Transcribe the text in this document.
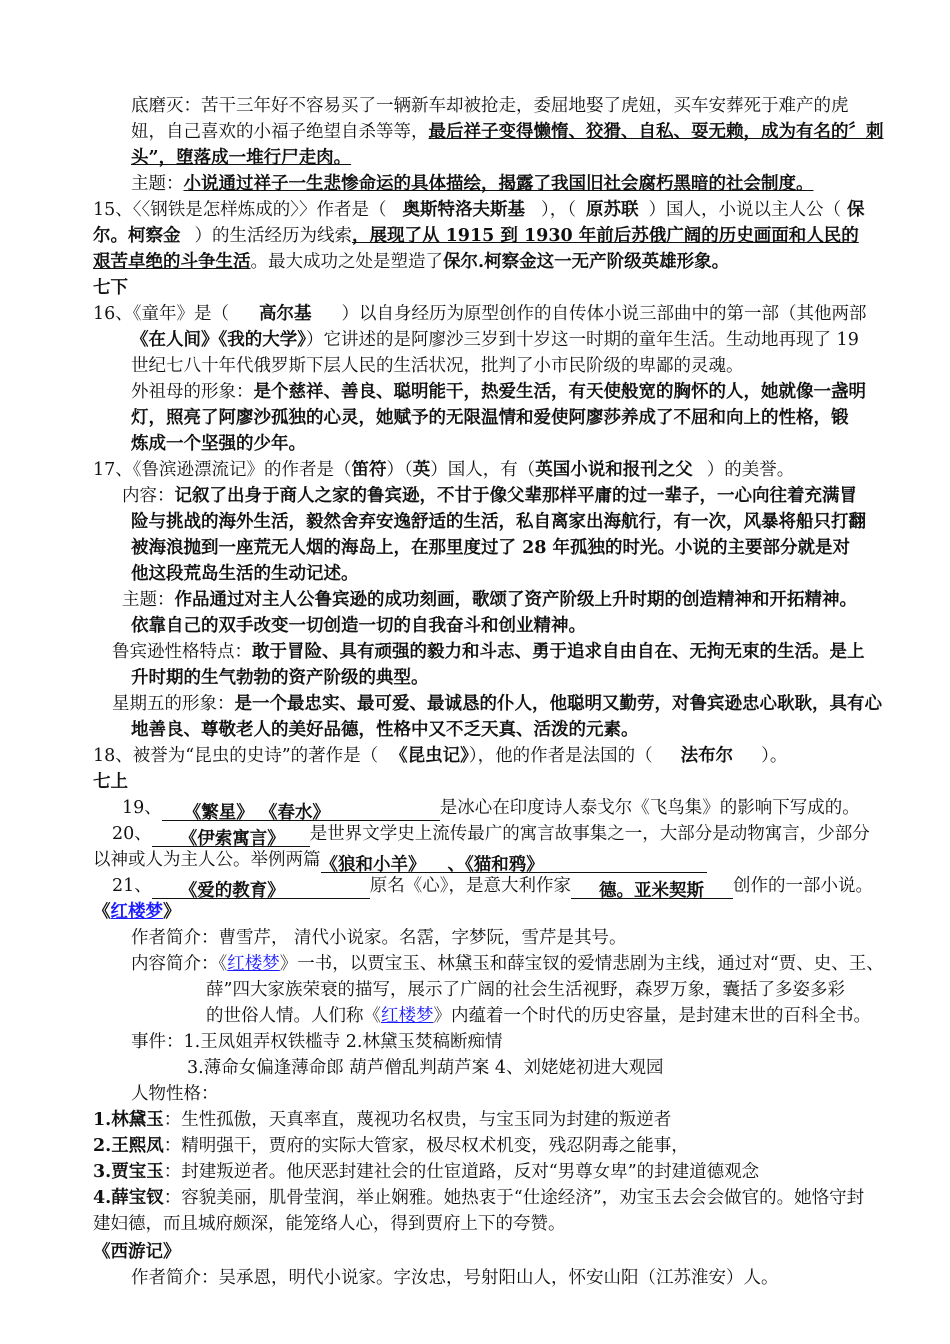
底磨灭：苦干三年好不容易买了一辆新车却被抢走，委屈地娶了虎妞，买车安葬死于难产的虎
妞，自己喜欢的小福子绝望自杀等等，最后祥子变得懒惰、狡猾、自私、耍无赖，成为有名的〞刺
头”，堕落成一堆行尸走肉。
主题：小说通过祥子一生悲惨命运的具体描绘，揭露了我国旧社会腐朽黑暗的社会制度。
15、〈〈钢铁是怎样炼成的〉〉作者是（ 奥斯特洛夫斯基 ），（ 原苏联 ）国人，小说以主人公（ 保
尔。柯察金 ）的生活经历为线索，展现了从 1915 到 1930 年前后苏俄广阔的历史画面和人民的
艰苦卓绝的斗争生活。最大成功之处是塑造了保尔.柯察金这一无产阶级英雄形象。
七下
16、《童年》是（ 高尔基 ）以自身经历为原型创作的自传体小说三部曲中的第一部（其他两部
《在人间》《我的大学》）它讲述的是阿廖沙三岁到十岁这一时期的童年生活。生动地再现了 19
世纪七八十年代俄罗斯下层人民的生活状况，批判了小市民阶级的卑鄙的灵魂。
外祖母的形象：是个慈祥、善良、聪明能干，热爱生活，有天使般宽的胸怀的人，她就像一盏明
灯，照亮了阿廖沙孤独的心灵，她赋予的无限温情和爱使阿廖莎养成了不屈和向上的性格，锻
炼成一个坚强的少年。
17、《鲁滨逊漂流记》的作者是（笛符）（英）国人，有（英国小说和报刊之父 ）的美誉。
内容：记叙了出身于商人之家的鲁宾逊，不甘于像父辈那样平庸的过一辈子，一心向往着充满冒
险与挑战的海外生活，毅然舍弃安逸舒适的生活，私自离家出海航行，有一次，风暴将船只打翻
被海浪抛到一座荒无人烟的海岛上，在那里度过了 28 年孤独的时光。小说的主要部分就是对
他这段荒岛生活的生动记述。
主题：作品通过对主人公鲁宾逊的成功刻画，歌颂了资产阶级上升时期的创造精神和开拓精神。
依靠自己的双手改变一切创造一切的自我奋斗和创业精神。
鲁宾逊性格特点：敢于冒险、具有顽强的毅力和斗志、勇于追求自由自在、无拘无束的生活。是上
升时期的生气勃勃的资产阶级的典型。
星期五的形象：是一个最忠实、最可爱、最诚恳的仆人，他聪明又勤劳，对鲁宾逊忠心耿耿，具有心
地善良、尊敬老人的美好品德，性格中又不乏天真、活泼的元素。
18、被誉为“昆虫的史诗”的著作是（ 《昆虫记》），他的作者是法国的（ 法布尔 ）。
七上
19、 《繁星》 《春水》	是冰心在印度诗人泰戈尔《飞鸟集》的影响下写成的。
20、 《伊索寓言》 是世界文学史上流传最广的寓言故事集之一，大部分是动物寓言，少部分
以神或人为主人公。举例两篇《狼和小羊》 、《猫和鸦》
21、 《爱的教育》	原名《心》，是意大利作家 德。亚米契斯 创作的一部小说。
《红楼梦》
作者简介：曹雪芹， 清代小说家。名霑，字梦阮，雪芹是其号。
内容简介：《红楼梦》一书，以贾宝玉、林黛玉和薛宝钗的爱情悲剧为主线，通过对“贾、史、王、
薛”四大家族荣衰的描写，展示了广阔的社会生活视野，森罗万象，囊括了多姿多彩
的世俗人情。人们称《红楼梦》内蕴着一个时代的历史容量，是封建末世的百科全书。
事件：1.王凤姐弄权铁槛寺 2.林黛玉焚稿断痴情
3.薄命女偏逢薄命郎 葫芦僧乱判葫芦案 4、刘姥姥初进大观园
人物性格：
1.林黛玉：生性孤傲，天真率直，蔑视功名权贵，与宝玉同为封建的叛逆者
2.王熙凤：精明强干，贾府的实际大管家，极尽权术机变，残忍阴毒之能事，
3.贾宝玉：封建叛逆者。他厌恶封建社会的仕宦道路，反对“男尊女卑”的封建道德观念
4.薛宝钗：容貌美丽，肌骨莹润，举止娴雅。她热衷于“仕途经济”，劝宝玉去会会做官的。她恪守封
建妇德，而且城府颇深，能笼络人心，得到贾府上下的夸赞。
《西游记》
作者简介：吴承恩，明代小说家。字汝忠，号射阳山人，怀安山阳（江苏淮安）人。
